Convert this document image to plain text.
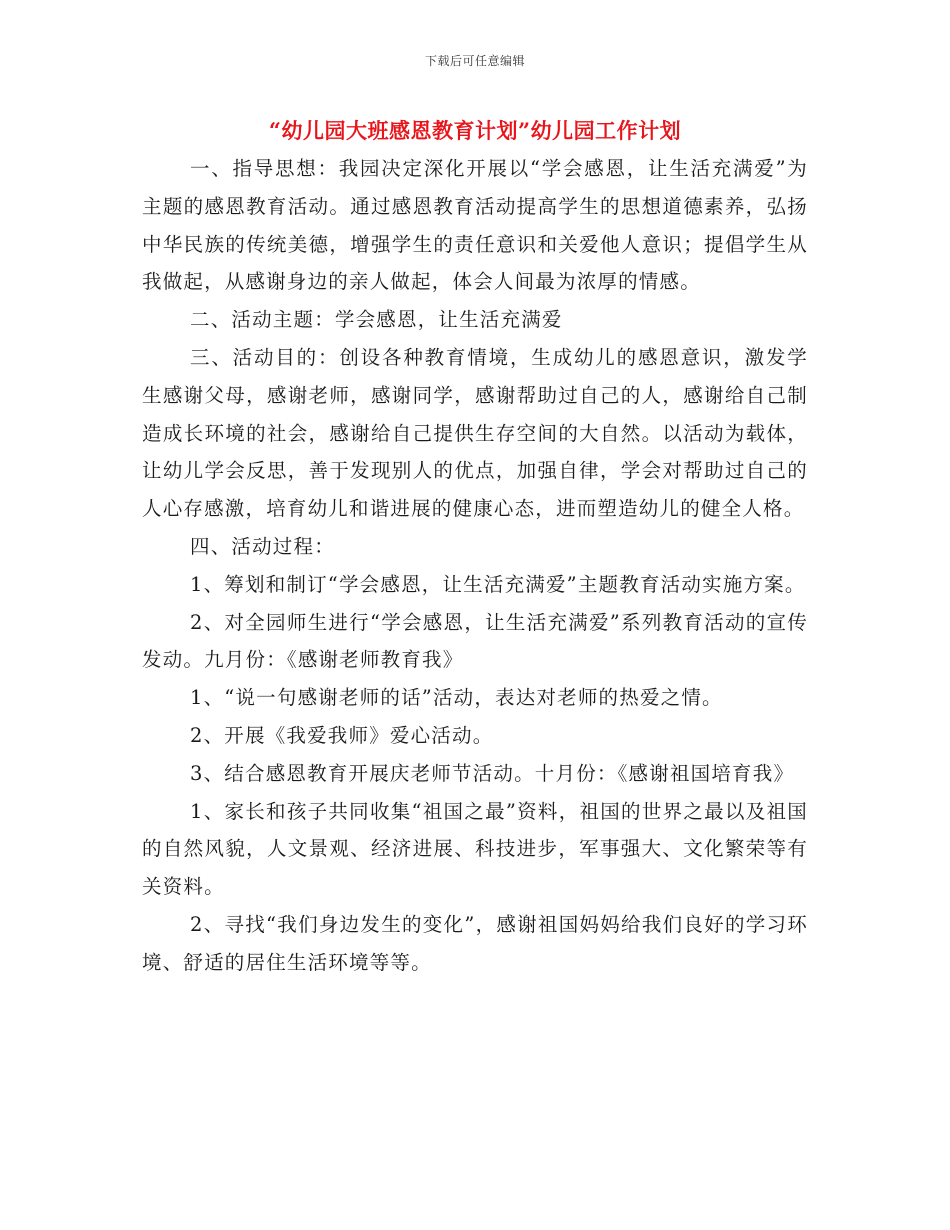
下载后可任意编辑
“幼儿园大班感恩教育计划”幼儿园工作计划

一、指导思想：我园决定深化开展以“学会感恩，让生活充满爱”为主题的感恩教育活动。通过感恩教育活动提高学生的思想道德素养，弘扬中华民族的传统美德，增强学生的责任意识和关爱他人意识；提倡学生从我做起，从感谢身边的亲人做起，体会人间最为浓厚的情感。

二、活动主题：学会感恩，让生活充满爱

三、活动目的：创设各种教育情境，生成幼儿的感恩意识，激发学生感谢父母，感谢老师，感谢同学，感谢帮助过自己的人，感谢给自己制造成长环境的社会，感谢给自己提供生存空间的大自然。以活动为载体，让幼儿学会反思，善于发现别人的优点，加强自律，学会对帮助过自己的人心存感激，培育幼儿和谐进展的健康心态，进而塑造幼儿的健全人格。

四、活动过程：

1、筹划和制订“学会感恩，让生活充满爱”主题教育活动实施方案。

2、对全园师生进行“学会感恩，让生活充满爱”系列教育活动的宣传发动。九月份：《感谢老师教育我》

1、“说一句感谢老师的话”活动，表达对老师的热爱之情。

2、开展《我爱我师》爱心活动。

3、结合感恩教育开展庆老师节活动。十月份：《感谢祖国培育我》

1、家长和孩子共同收集“祖国之最”资料，祖国的世界之最以及祖国的自然风貌，人文景观、经济进展、科技进步，军事强大、文化繁荣等有关资料。

2、寻找“我们身边发生的变化”，感谢祖国妈妈给我们良好的学习环境、舒适的居住生活环境等等。
